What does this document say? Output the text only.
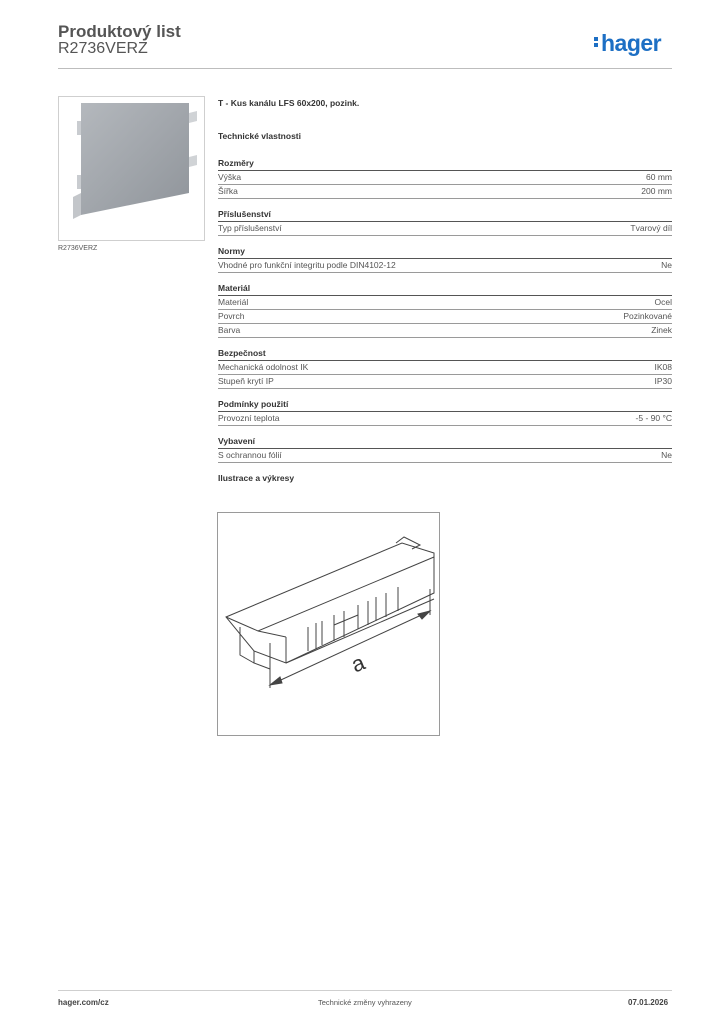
Produktový list
R2736VERZ	hager
R2736VERZ
T - Kus kanálu LFS 60x200, pozink.
Technické vlastnosti
Rozměry
Výška	60 mm
Šířka	200 mm
Příslušenství
Typ příslušenství	Tvarový díl
Normy
Vhodné pro funkční integritu podle DIN4102-12	Ne
Materiál
Materiál	Ocel
Povrch	Pozinkované
Barva	Zinek
Bezpečnost
Mechanická odolnost IK	IK08
Stupeň krytí IP	IP30
Podmínky použití
Provozní teplota	-5 - 90 °C
Vybavení
S ochrannou fólií	Ne
Ilustrace a výkresy
a
hager.com/cz	Technické změny vyhrazeny	07.01.2026
